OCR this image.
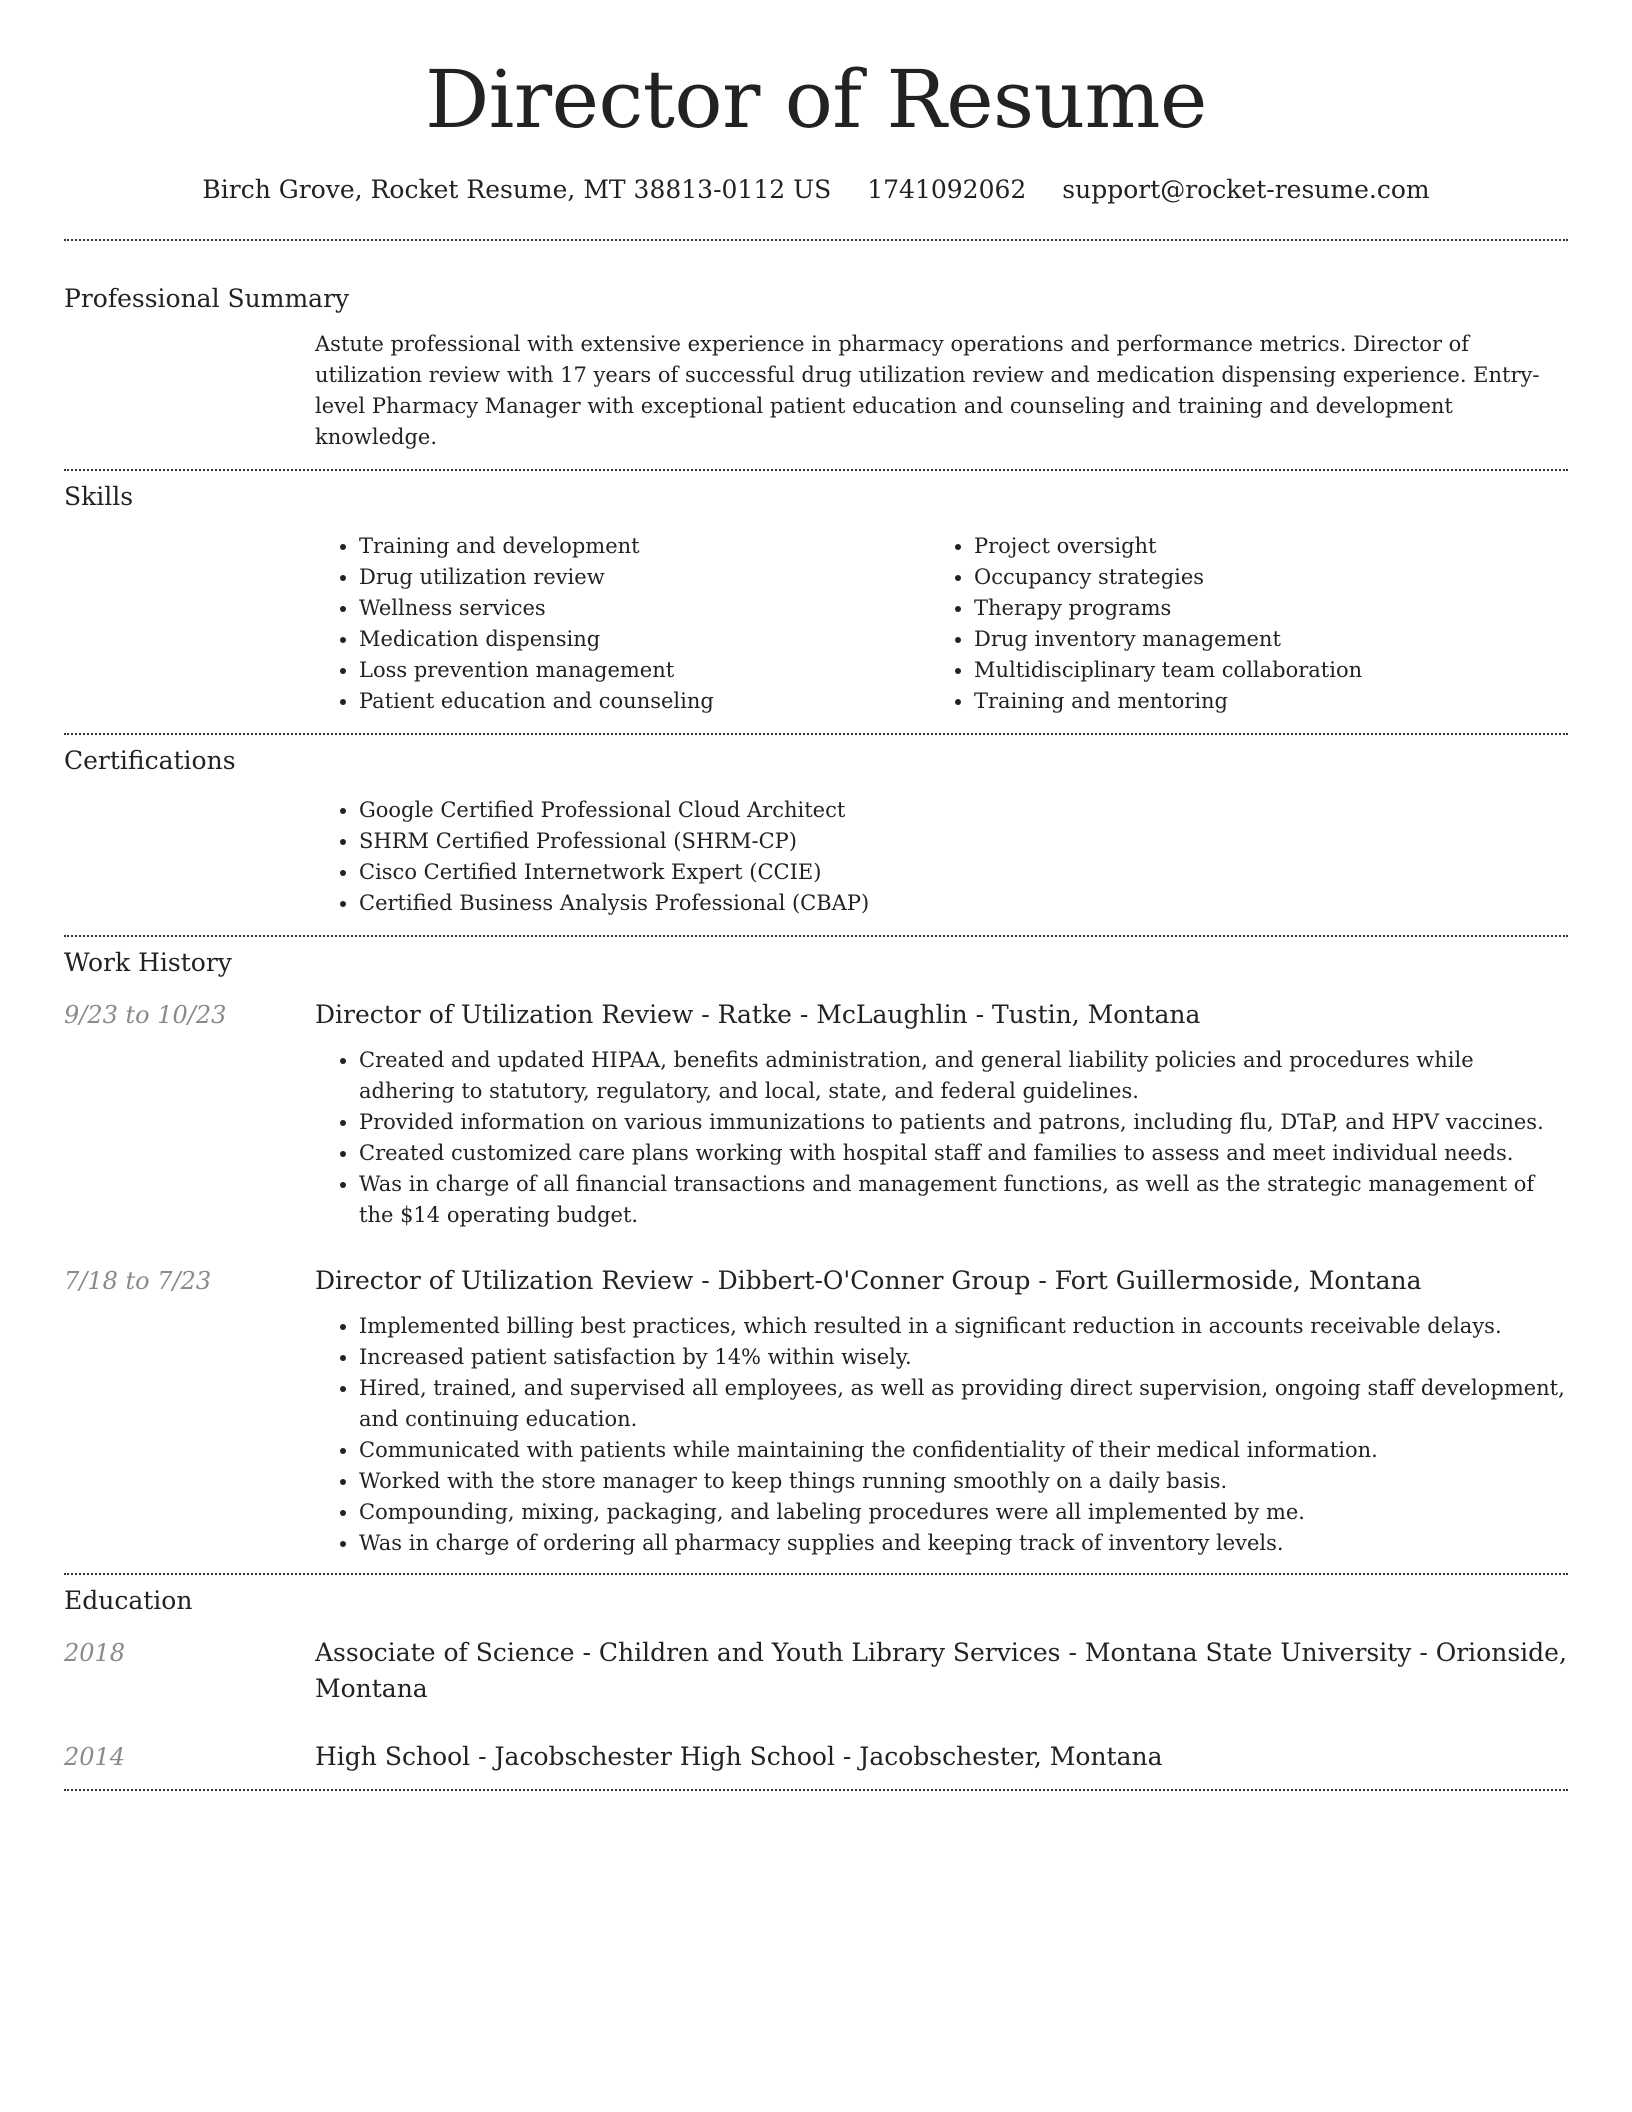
Director of Resume
Birch Grove, Rocket Resume, MT 38813-0112 US 1741092062 support@rocket-resume.com
Professional Summary
Astute professional with extensive experience in pharmacy operations and performance metrics. Director of utilization review with 17 years of successful drug utilization review and medication dispensing experience. Entry-level Pharmacy Manager with exceptional patient education and counseling and training and development knowledge.
Skills
• Training and development
• Drug utilization review
• Wellness services
• Medication dispensing
• Loss prevention management
• Patient education and counseling
• Project oversight
• Occupancy strategies
• Therapy programs
• Drug inventory management
• Multidisciplinary team collaboration
• Training and mentoring
Certifications
• Google Certified Professional Cloud Architect
• SHRM Certified Professional (SHRM-CP)
• Cisco Certified Internetwork Expert (CCIE)
• Certified Business Analysis Professional (CBAP)
Work History
9/23 to 10/23	Director of Utilization Review - Ratke - McLaughlin - Tustin, Montana
• Created and updated HIPAA, benefits administration, and general liability policies and procedures while adhering to statutory, regulatory, and local, state, and federal guidelines.
• Provided information on various immunizations to patients and patrons, including flu, DTaP, and HPV vaccines.
• Created customized care plans working with hospital staff and families to assess and meet individual needs.
• Was in charge of all financial transactions and management functions, as well as the strategic management of the $14 operating budget.
7/18 to 7/23	Director of Utilization Review - Dibbert-O'Conner Group - Fort Guillermoside, Montana
• Implemented billing best practices, which resulted in a significant reduction in accounts receivable delays.
• Increased patient satisfaction by 14% within wisely.
• Hired, trained, and supervised all employees, as well as providing direct supervision, ongoing staff development, and continuing education.
• Communicated with patients while maintaining the confidentiality of their medical information.
• Worked with the store manager to keep things running smoothly on a daily basis.
• Compounding, mixing, packaging, and labeling procedures were all implemented by me.
• Was in charge of ordering all pharmacy supplies and keeping track of inventory levels.
Education
2018	Associate of Science - Children and Youth Library Services - Montana State University - Orionside, Montana
2014	High School - Jacobschester High School - Jacobschester, Montana
